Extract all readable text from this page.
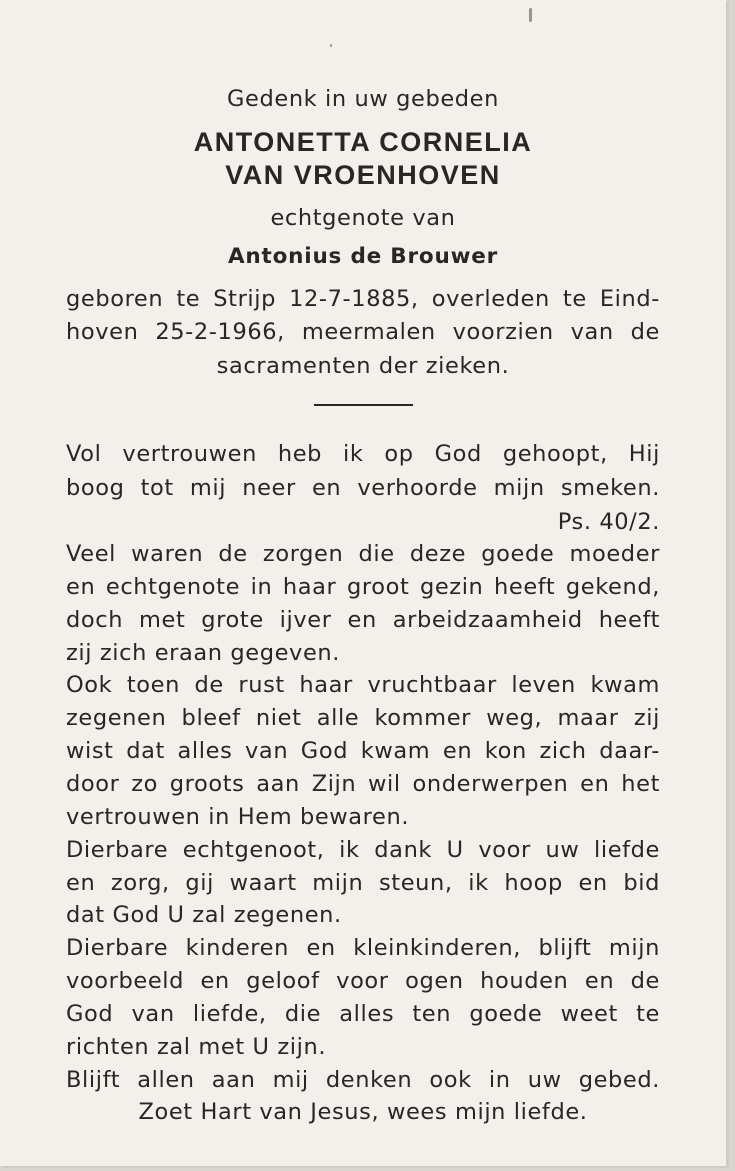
Gedenk in uw gebeden
ANTONETTA CORNELIA
VAN VROENHOVEN
echtgenote van
Antonius de Brouwer
geboren te Strijp 12-7-1885, overleden te Eind-
hoven 25-2-1966, meermalen voorzien van de
sacramenten der zieken.
Vol vertrouwen heb ik op God gehoopt, Hij
boog tot mij neer en verhoorde mijn smeken.
Ps. 40/2.
Veel waren de zorgen die deze goede moeder
en echtgenote in haar groot gezin heeft gekend,
doch met grote ijver en arbeidzaamheid heeft
zij zich eraan gegeven.
Ook toen de rust haar vruchtbaar leven kwam
zegenen bleef niet alle kommer weg, maar zij
wist dat alles van God kwam en kon zich daar-
door zo groots aan Zijn wil onderwerpen en het
vertrouwen in Hem bewaren.
Dierbare echtgenoot, ik dank U voor uw liefde
en zorg, gij waart mijn steun, ik hoop en bid
dat God U zal zegenen.
Dierbare kinderen en kleinkinderen, blijft mijn
voorbeeld en geloof voor ogen houden en de
God van liefde, die alles ten goede weet te
richten zal met U zijn.
Blijft allen aan mij denken ook in uw gebed.
Zoet Hart van Jesus, wees mijn liefde.
